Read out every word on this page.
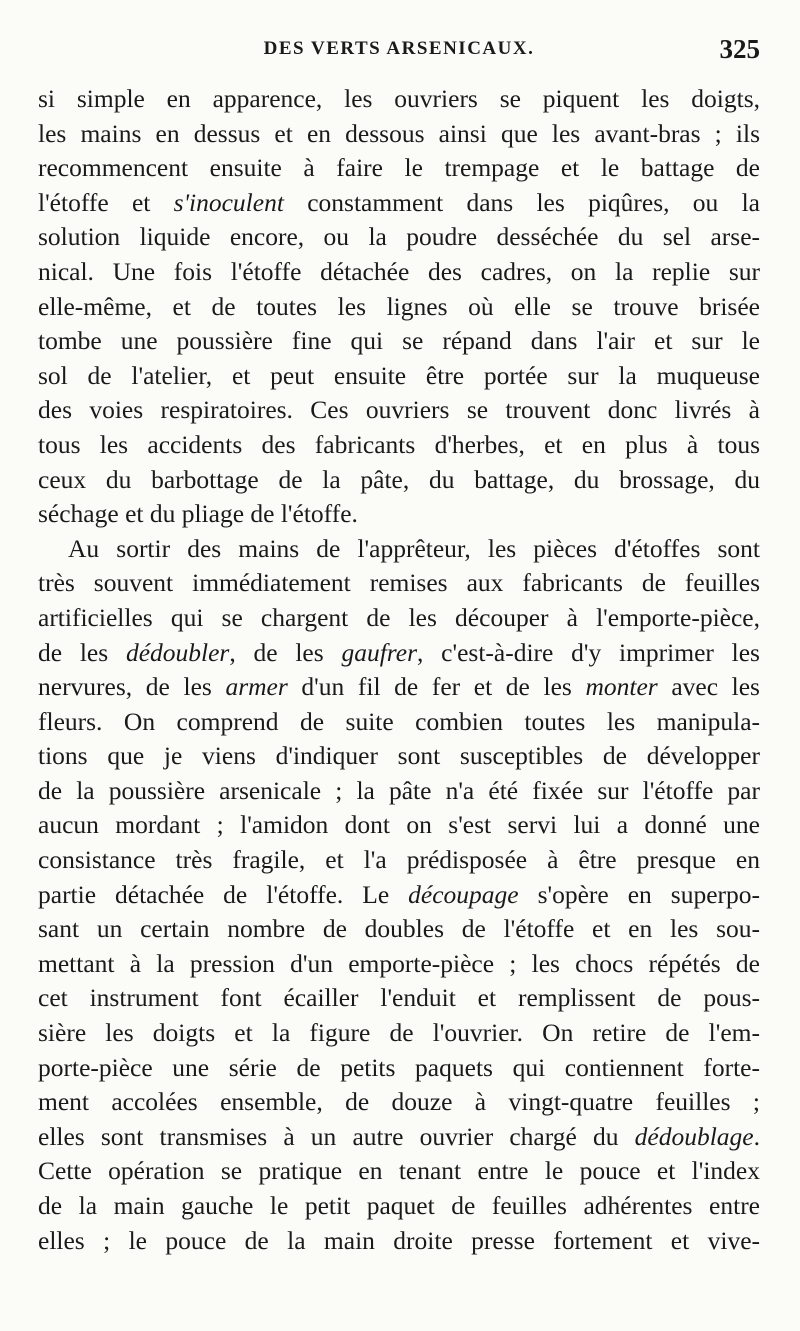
DES VERTS ARSENICAUX.	325
si simple en apparence, les ouvriers se piquent les doigts,
les mains en dessus et en dessous ainsi que les avant-bras ; ils
recommencent ensuite à faire le trempage et le battage de
l'étoffe et s'inoculent constamment dans les piqûres, ou la
solution liquide encore, ou la poudre desséchée du sel arse-
nical. Une fois l'étoffe détachée des cadres, on la replie sur
elle-même, et de toutes les lignes où elle se trouve brisée
tombe une poussière fine qui se répand dans l'air et sur le
sol de l'atelier, et peut ensuite être portée sur la muqueuse
des voies respiratoires. Ces ouvriers se trouvent donc livrés à
tous les accidents des fabricants d'herbes, et en plus à tous
ceux du barbottage de la pâte, du battage, du brossage, du
séchage et du pliage de l'étoffe.
Au sortir des mains de l'apprêteur, les pièces d'étoffes sont
très souvent immédiatement remises aux fabricants de feuilles
artificielles qui se chargent de les découper à l'emporte-pièce,
de les dédoubler, de les gaufrer, c'est-à-dire d'y imprimer les
nervures, de les armer d'un fil de fer et de les monter avec les
fleurs. On comprend de suite combien toutes les manipula-
tions que je viens d'indiquer sont susceptibles de développer
de la poussière arsenicale ; la pâte n'a été fixée sur l'étoffe par
aucun mordant ; l'amidon dont on s'est servi lui a donné une
consistance très fragile, et l'a prédisposée à être presque en
partie détachée de l'étoffe. Le découpage s'opère en superpo-
sant un certain nombre de doubles de l'étoffe et en les sou-
mettant à la pression d'un emporte-pièce ; les chocs répétés de
cet instrument font écailler l'enduit et remplissent de pous-
sière les doigts et la figure de l'ouvrier. On retire de l'em-
porte-pièce une série de petits paquets qui contiennent forte-
ment accolées ensemble, de douze à vingt-quatre feuilles ;
elles sont transmises à un autre ouvrier chargé du dédoublage.
Cette opération se pratique en tenant entre le pouce et l'index
de la main gauche le petit paquet de feuilles adhérentes entre
elles ; le pouce de la main droite presse fortement et vive-
